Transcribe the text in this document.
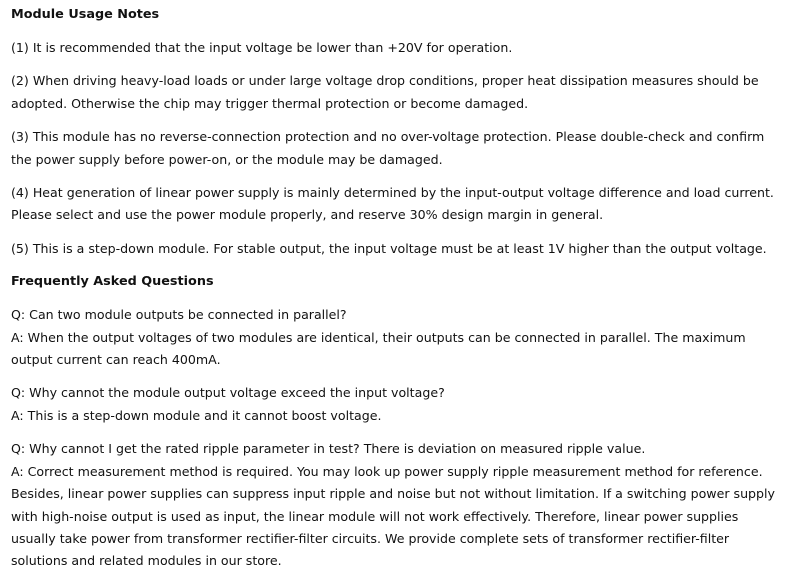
Module Usage Notes
(1) It is recommended that the input voltage be lower than +20V for operation.
(2) When driving heavy-load loads or under large voltage drop conditions, proper heat dissipation measures should be adopted. Otherwise the chip may trigger thermal protection or become damaged.
(3) This module has no reverse-connection protection and no over-voltage protection. Please double-check and confirm the power supply before power-on, or the module may be damaged.
(4) Heat generation of linear power supply is mainly determined by the input-output voltage difference and load current. Please select and use the power module properly, and reserve 30% design margin in general.
(5) This is a step-down module. For stable output, the input voltage must be at least 1V higher than the output voltage.
Frequently Asked Questions
Q: Can two module outputs be connected in parallel?
A: When the output voltages of two modules are identical, their outputs can be connected in parallel. The maximum output current can reach 400mA.
Q: Why cannot the module output voltage exceed the input voltage?
A: This is a step-down module and it cannot boost voltage.
Q: Why cannot I get the rated ripple parameter in test? There is deviation on measured ripple value.
A: Correct measurement method is required. You may look up power supply ripple measurement method for reference. Besides, linear power supplies can suppress input ripple and noise but not without limitation. If a switching power supply with high-noise output is used as input, the linear module will not work effectively. Therefore, linear power supplies usually take power from transformer rectifier-filter circuits. We provide complete sets of transformer rectifier-filter solutions and related modules in our store.
